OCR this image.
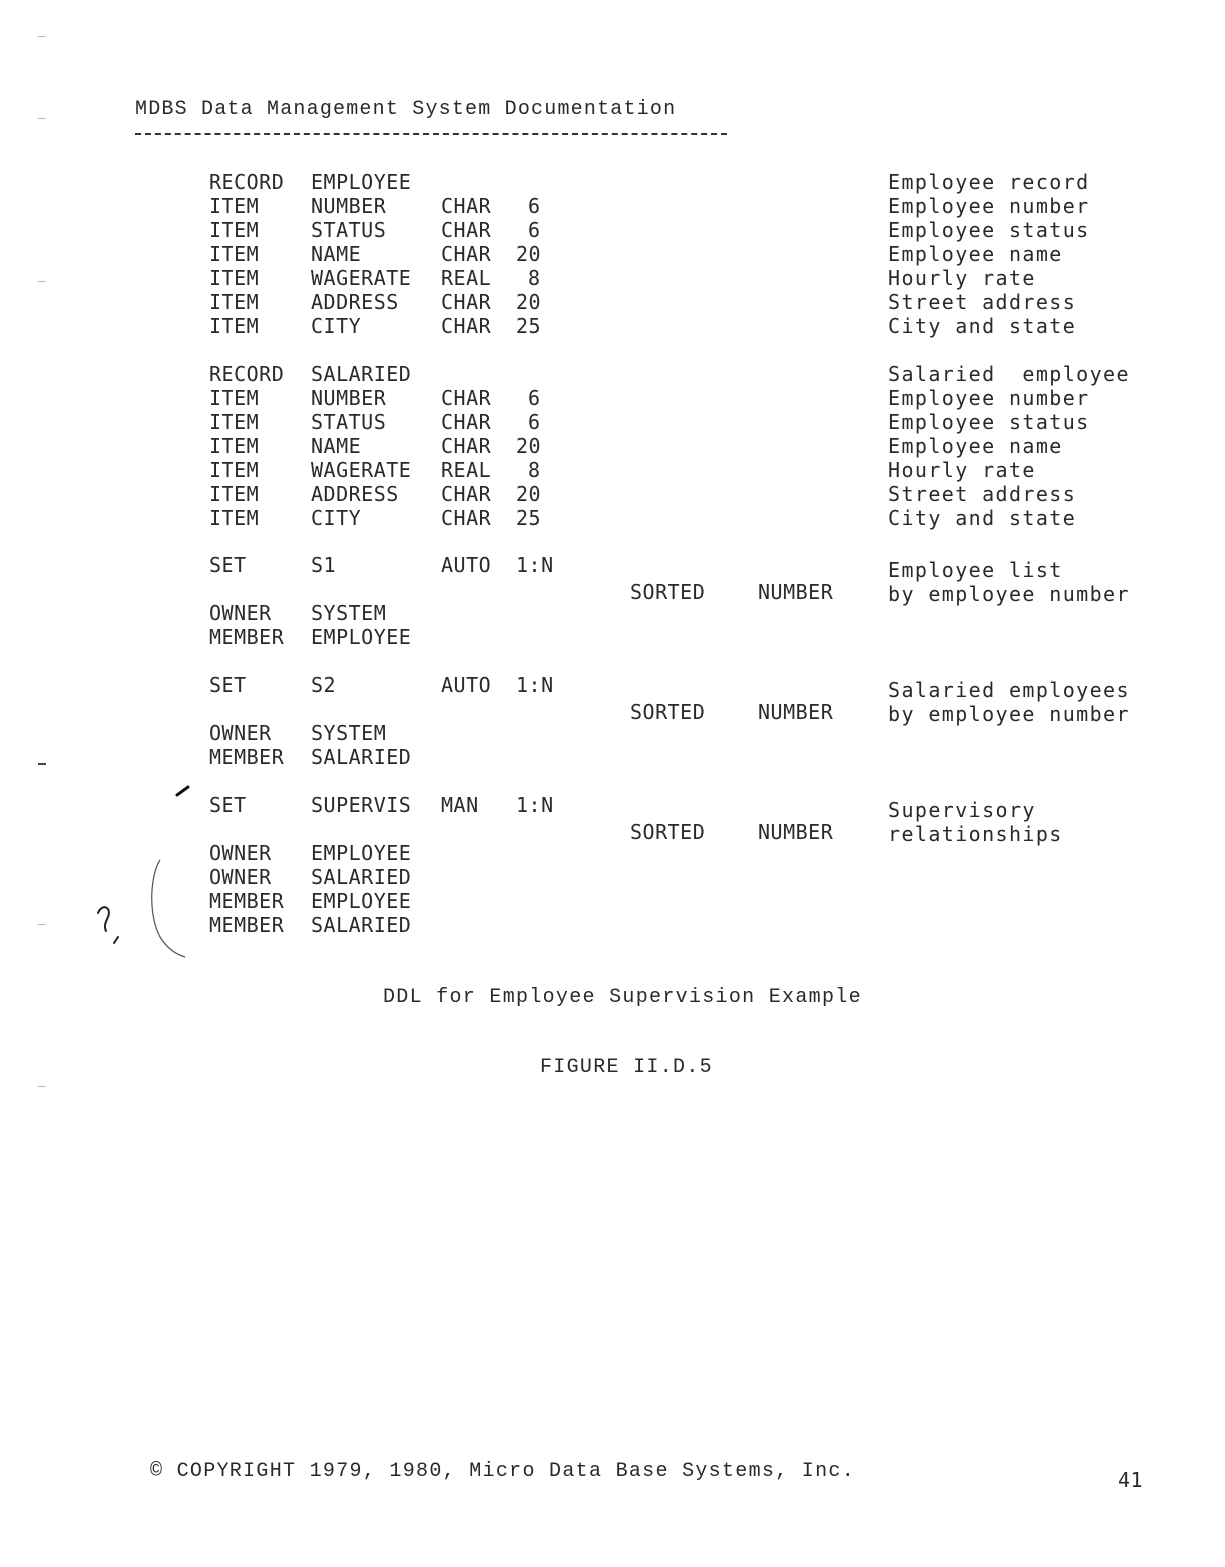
MDBS Data Management System Documentation
RECORD EMPLOYEE	Employee record
ITEM	NUMBER	CHAR 6	Employee number
ITEM	STATUS	CHAR 6	Employee status
ITEM	NAME	CHAR 20	Employee name
ITEM	WAGERATE REAL 8	Hourly rate
ITEM	ADDRESS CHAR 20	Street address
ITEM	CITY	CHAR 25	City and state
RECORD SALARIED	Salaried  employee
ITEM	NUMBER	CHAR 6	Employee number
ITEM	STATUS	CHAR 6	Employee status
ITEM	NAME	CHAR 20	Employee name
ITEM	WAGERATE REAL 8	Hourly rate
ITEM	ADDRESS CHAR 20	Street address
ITEM	CITY	CHAR 25	City and state
SET	S1	AUTO 1:N	Employee list
SORTED	NUMBER	by employee number
OWNER SYSTEM
MEMBER EMPLOYEE
SET	S2	AUTO 1:N	Salaried employees
SORTED	NUMBER	by employee number
OWNER SYSTEM
MEMBER SALARIED
SET	SUPERVIS MAN 1:N	Supervisory
SORTED	NUMBER	relationships
OWNER EMPLOYEE
OWNER SALARIED
MEMBER EMPLOYEE
MEMBER SALARIED
DDL for Employee Supervision Example
FIGURE II.D.5
© COPYRIGHT 1979, 1980, Micro Data Base Systems, Inc.	41
